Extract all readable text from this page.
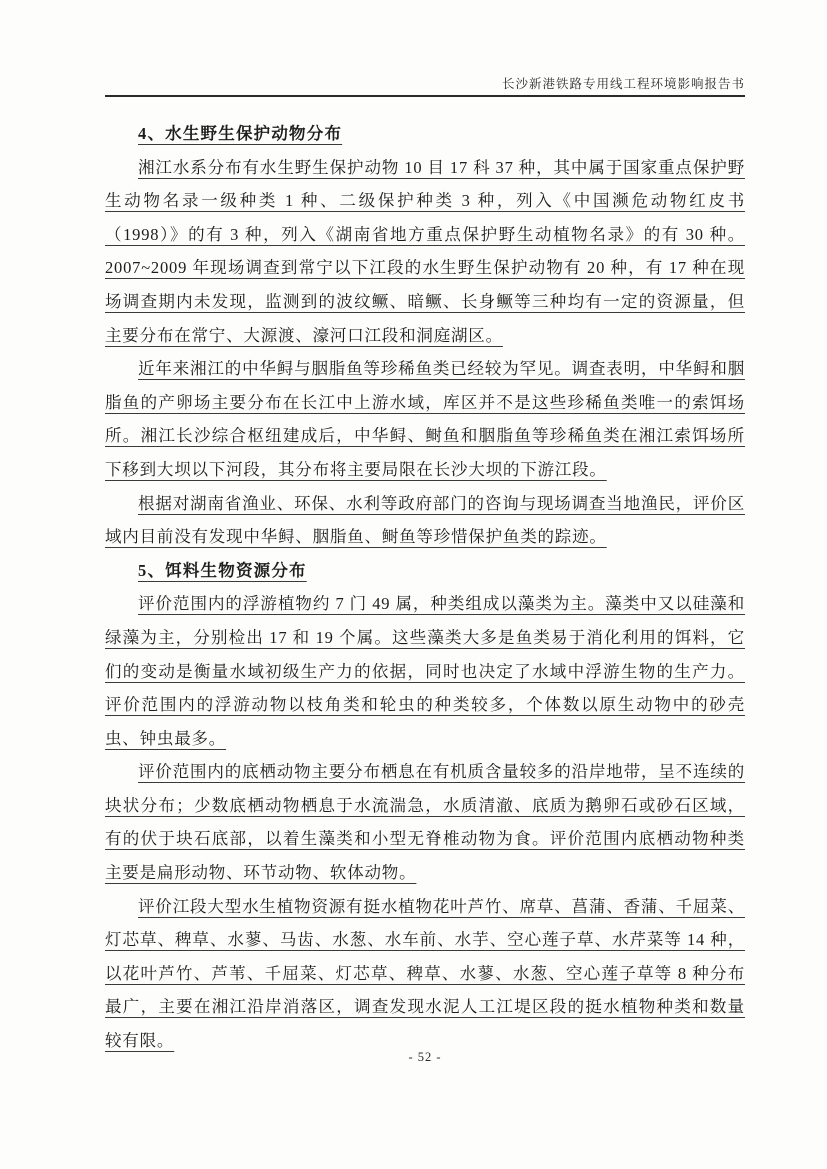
长沙新港铁路专用线工程环境影响报告书
4、水生野生保护动物分布

湘江水系分布有水生野生保护动物 10 目 17 科 37 种，其中属于国家重点保护野生动物名录一级种类 1 种、二级保护种类 3 种，列入《中国濒危动物红皮书（1998）》的有 3 种，列入《湖南省地方重点保护野生动植物名录》的有 30 种。2007~2009 年现场调查到常宁以下江段的水生野生保护动物有 20 种，有 17 种在现场调查期内未发现，监测到的波纹鳜、暗鳜、长身鳜等三种均有一定的资源量，但主要分布在常宁、大源渡、濠河口江段和洞庭湖区。

近年来湘江的中华鲟与胭脂鱼等珍稀鱼类已经较为罕见。调查表明，中华鲟和胭脂鱼的产卵场主要分布在长江中上游水域，库区并不是这些珍稀鱼类唯一的索饵场所。湘江长沙综合枢纽建成后，中华鲟、鲥鱼和胭脂鱼等珍稀鱼类在湘江索饵场所下移到大坝以下河段，其分布将主要局限在长沙大坝的下游江段。

根据对湖南省渔业、环保、水利等政府部门的咨询与现场调查当地渔民，评价区域内目前没有发现中华鲟、胭脂鱼、鲥鱼等珍惜保护鱼类的踪迹。

5、饵料生物资源分布

评价范围内的浮游植物约 7 门 49 属，种类组成以藻类为主。藻类中又以硅藻和绿藻为主，分别检出 17 和 19 个属。这些藻类大多是鱼类易于消化利用的饵料，它们的变动是衡量水域初级生产力的依据，同时也决定了水域中浮游生物的生产力。评价范围内的浮游动物以枝角类和轮虫的种类较多，个体数以原生动物中的砂壳虫、钟虫最多。

评价范围内的底栖动物主要分布栖息在有机质含量较多的沿岸地带，呈不连续的块状分布；少数底栖动物栖息于水流湍急，水质清澈、底质为鹅卵石或砂石区域，有的伏于块石底部，以着生藻类和小型无脊椎动物为食。评价范围内底栖动物种类主要是扁形动物、环节动物、软体动物。

评价江段大型水生植物资源有挺水植物花叶芦竹、席草、菖蒲、香蒲、千屈菜、灯芯草、稗草、水蓼、马齿、水葱、水车前、水芋、空心莲子草、水芹菜等 14 种，以花叶芦竹、芦苇、千屈菜、灯芯草、稗草、水蓼、水葱、空心莲子草等 8 种分布最广，主要在湘江沿岸消落区，调查发现水泥人工江堤区段的挺水植物种类和数量较有限。

- 52 -
